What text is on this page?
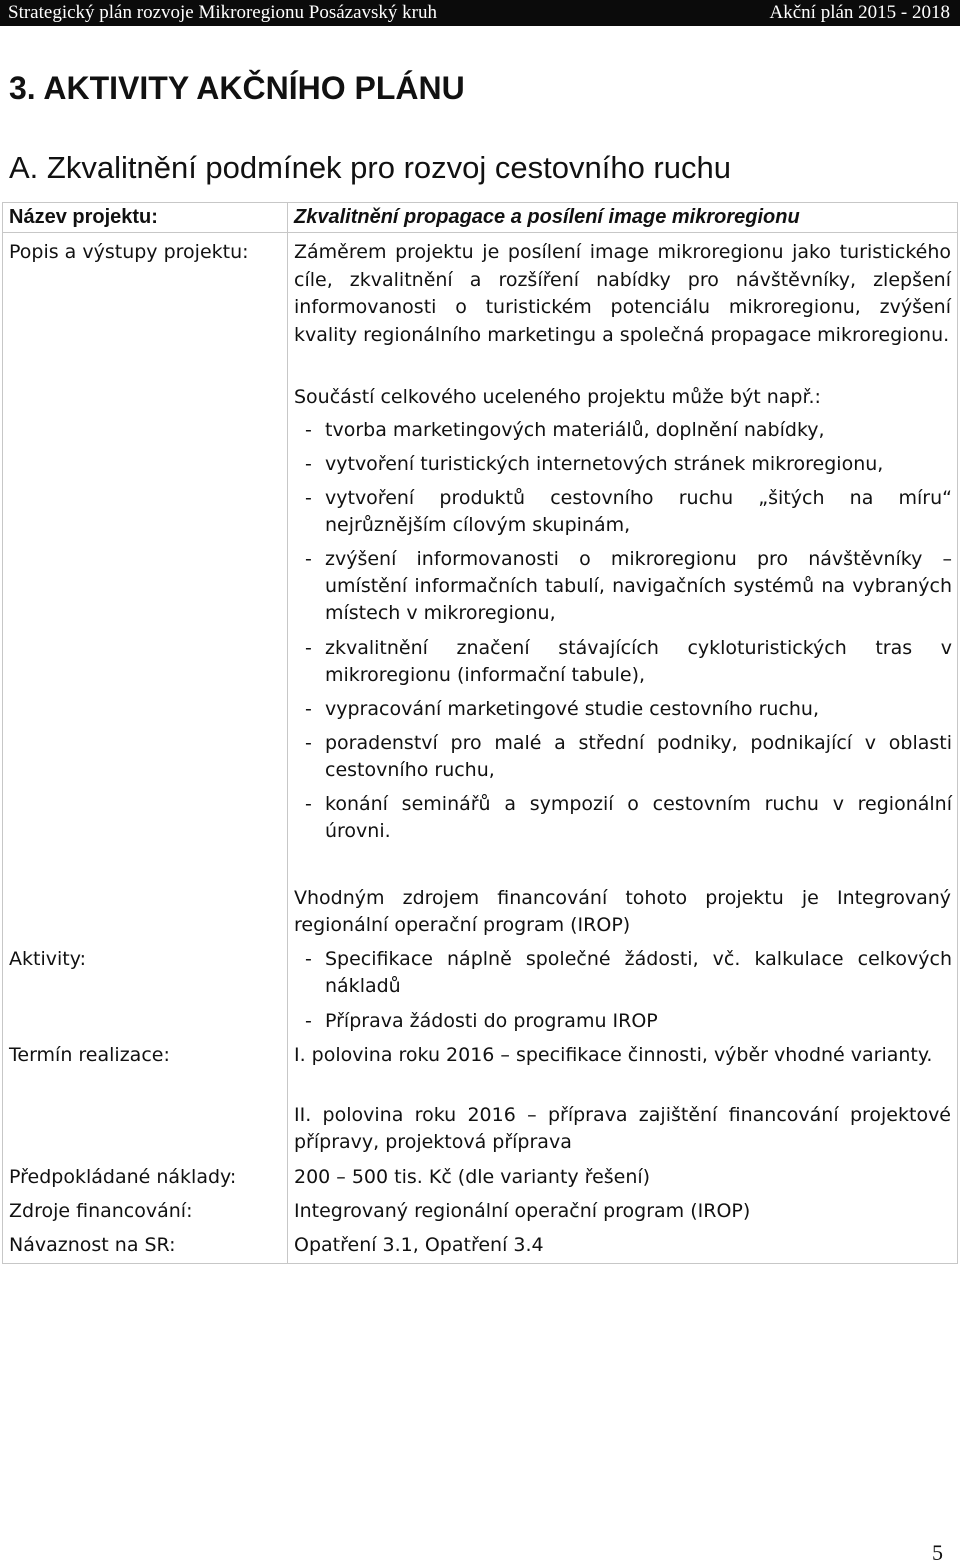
Strategický plán rozvoje Mikroregionu Posázavský kruh	Akční plán 2015 - 2018
3. AKTIVITY AKČNÍHO PLÁNU
A. Zkvalitnění podmínek pro rozvoj cestovního ruchu
Název projektu:	Zkvalitnění propagace a posílení image mikroregionu
Popis a výstupy projektu: Záměrem projektu je posílení image mikroregionu jako turistického cíle, zkvalitnění a rozšíření nabídky pro návštěvníky, zlepšení informovanosti o turistickém potenciálu mikroregionu, zvýšení kvality regionálního marketingu a společná propagace mikroregionu.
Součástí celkového uceleného projektu může být např.:
- tvorba marketingových materiálů, doplnění nabídky,
- vytvoření turistických internetových stránek mikroregionu,
- vytvoření produktů cestovního ruchu „šitých na míru“ nejrůznějším cílovým skupinám,
- zvýšení informovanosti o mikroregionu pro návštěvníky – umístění informačních tabulí, navigačních systémů na vybraných místech v mikroregionu,
- zkvalitnění značení stávajících cykloturistických tras v mikroregionu (informační tabule),
- vypracování marketingové studie cestovního ruchu,
- poradenství pro malé a střední podniky, podnikající v oblasti cestovního ruchu,
- konání seminářů a sympozií o cestovním ruchu v regionální úrovni.
Vhodným zdrojem financování tohoto projektu je Integrovaný regionální operační program (IROP)
Aktivity:	- Specifikace náplně společné žádosti, vč. kalkulace celkových nákladů
- Příprava žádosti do programu IROP
Termín realizace:	I. polovina roku 2016 – specifikace činnosti, výběr vhodné varianty.
II. polovina roku 2016 – příprava zajištění financování projektové přípravy, projektová příprava
Předpokládané náklady:	200 – 500 tis. Kč (dle varianty řešení)
Zdroje financování:	Integrovaný regionální operační program (IROP)
Návaznost na SR:	Opatření 3.1, Opatření 3.4
5
